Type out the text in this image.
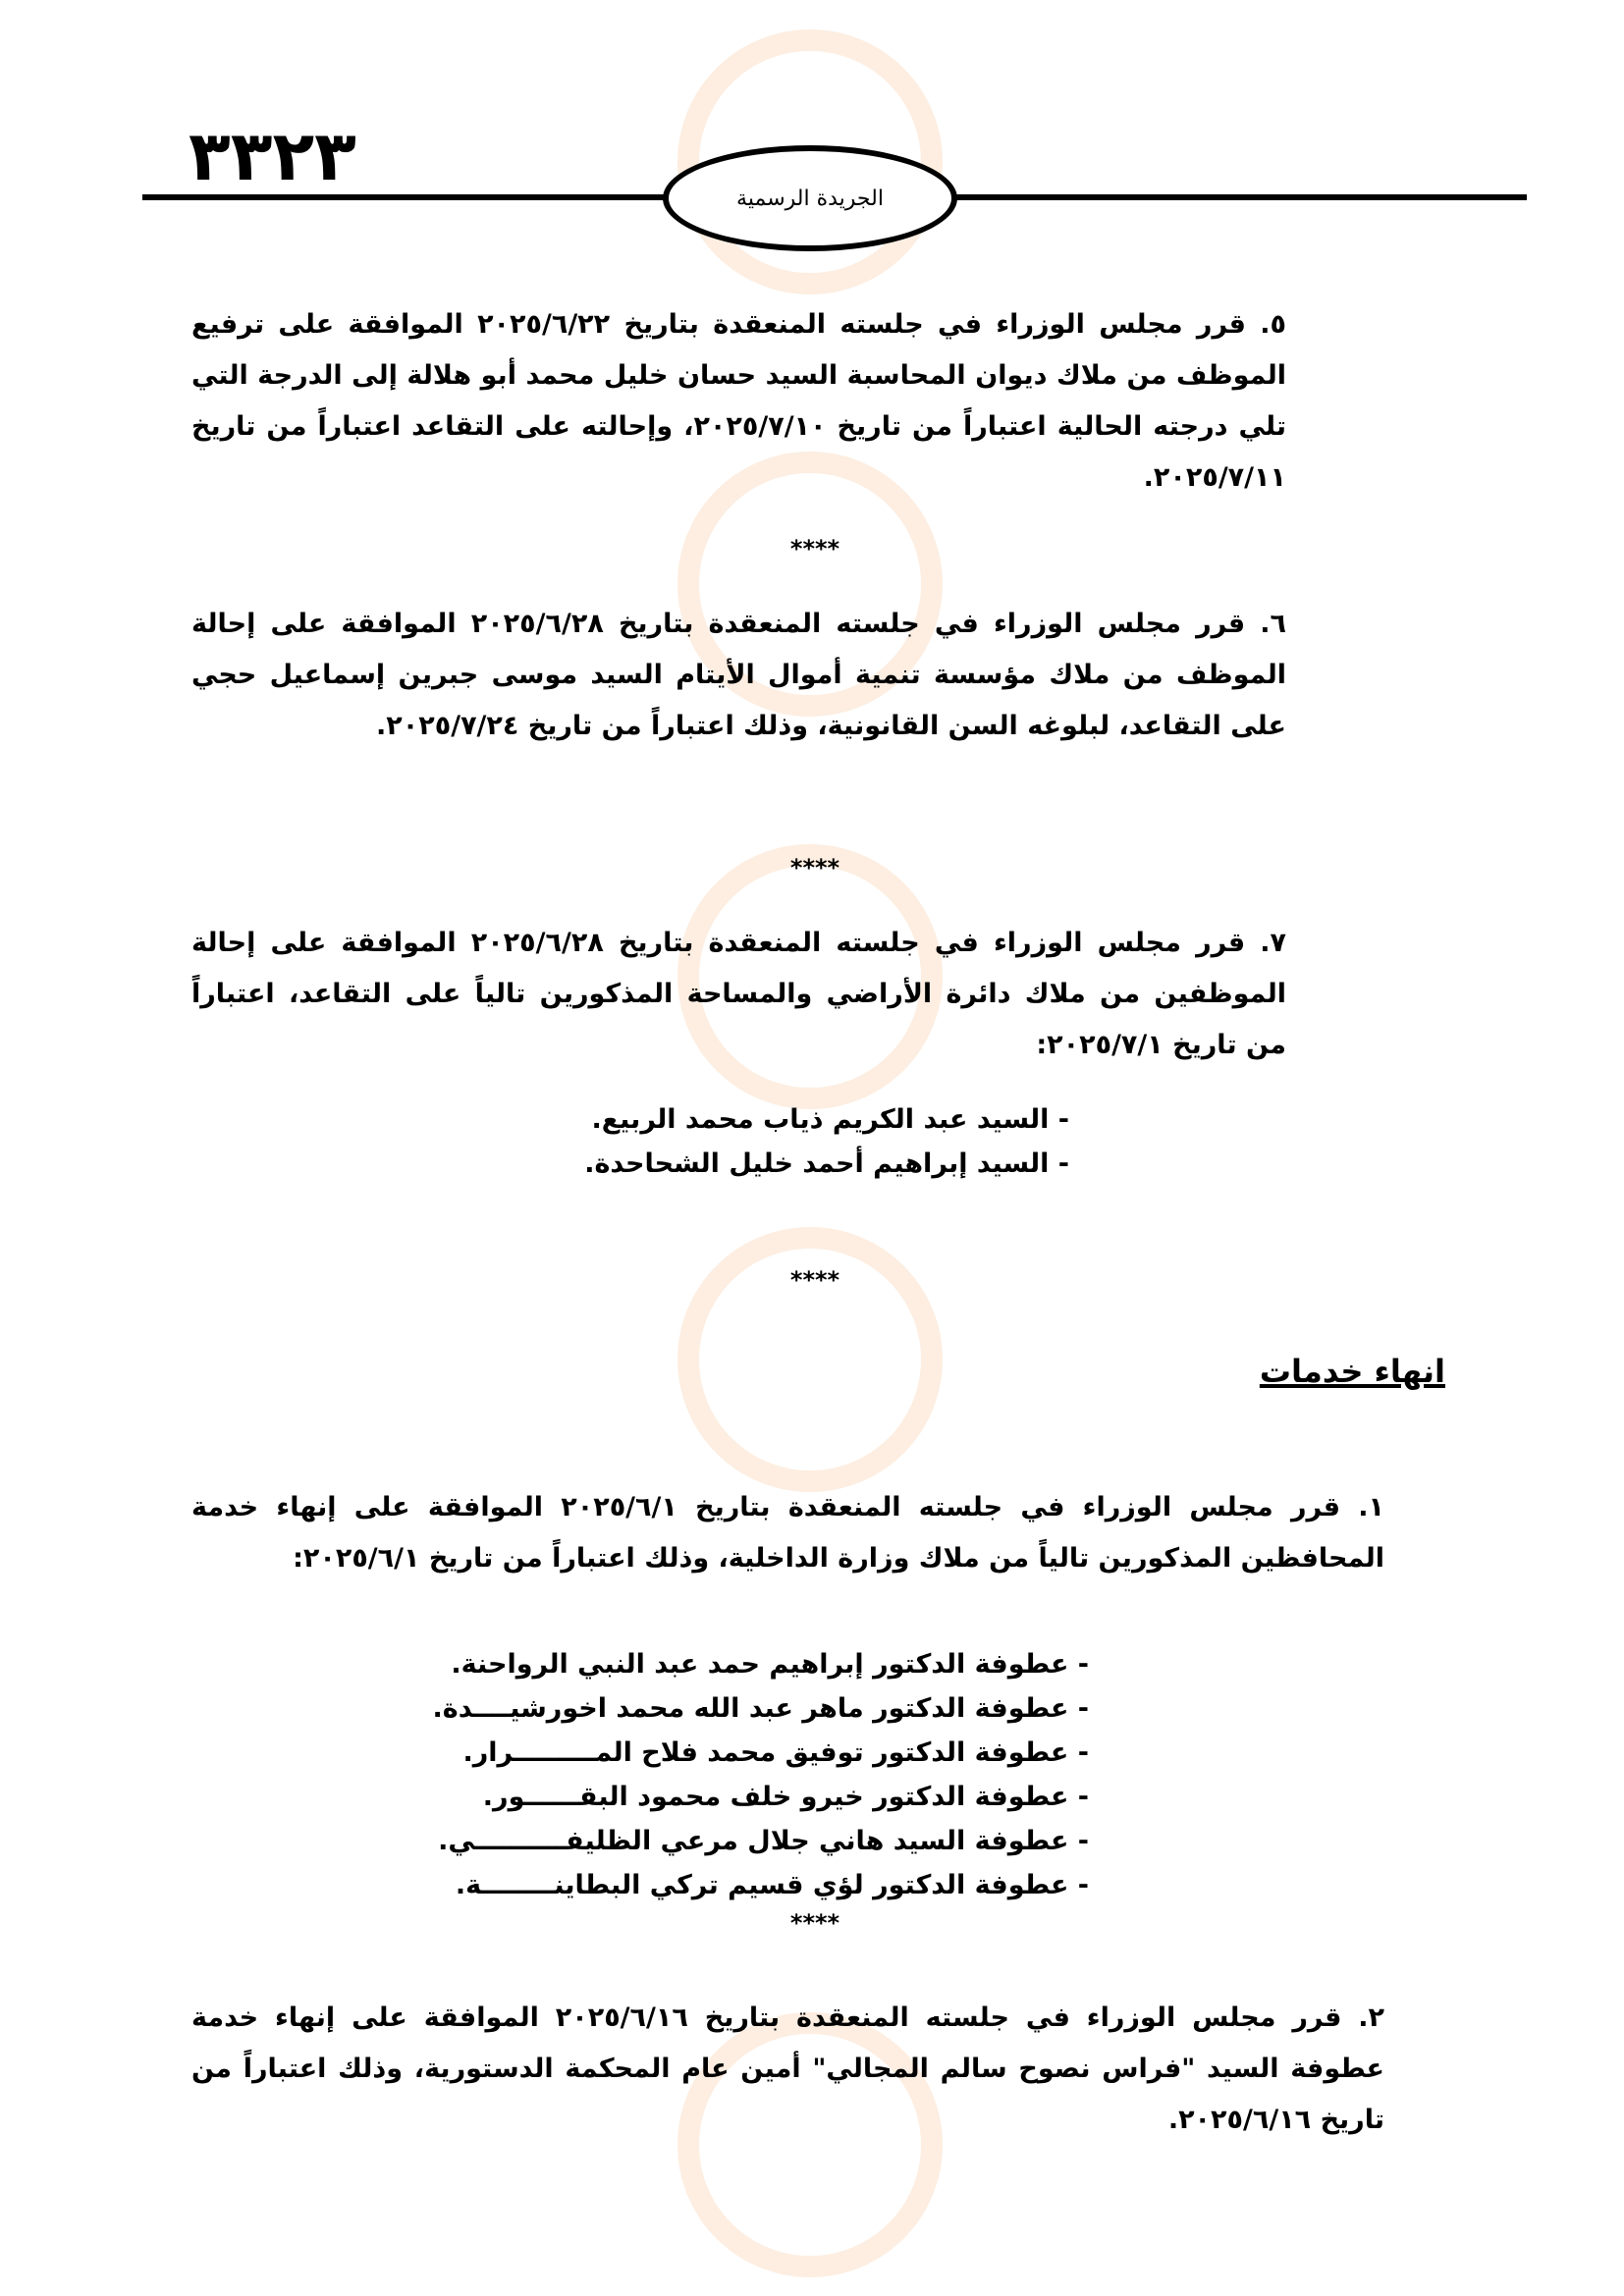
٣٣٢٣
الجريدة الرسمية
٥. قرر مجلس الوزراء في جلسته المنعقدة بتاريخ ٢٠٢٥/٦/٢٢ الموافقة على ترفيع الموظف من ملاك ديوان المحاسبة السيد حسان خليل محمد أبو هلالة إلى الدرجة التي تلي درجته الحالية اعتباراً من تاريخ ٢٠٢٥/٧/١٠، وإحالته على التقاعد اعتباراً من تاريخ ٢٠٢٥/٧/١١.
****
٦. قرر مجلس الوزراء في جلسته المنعقدة بتاريخ ٢٠٢٥/٦/٢٨ الموافقة على إحالة الموظف من ملاك مؤسسة تنمية أموال الأيتام السيد موسى جبرين إسماعيل حجي على التقاعد، لبلوغه السن القانونية، وذلك اعتباراً من تاريخ ٢٠٢٥/٧/٢٤.
****
٧. قرر مجلس الوزراء في جلسته المنعقدة بتاريخ ٢٠٢٥/٦/٢٨ الموافقة على إحالة الموظفين من ملاك دائرة الأراضي والمساحة المذكورين تالياً على التقاعد، اعتباراً من تاريخ ٢٠٢٥/٧/١:
- السيد عبد الكريم ذياب محمد الربيع.
- السيد إبراهيم أحمد خليل الشحاحدة.
****
انهاء خدمات
١. قرر مجلس الوزراء في جلسته المنعقدة بتاريخ ٢٠٢٥/٦/١ الموافقة على إنهاء خدمة المحافظين المذكورين تالياً من ملاك وزارة الداخلية، وذلك اعتباراً من تاريخ ٢٠٢٥/٦/١:
- عطوفة الدكتور إبراهيم حمد عبد النبي الرواحنة.
- عطوفة الدكتور ماهر عبد الله محمد اخورشيــــدة.
- عطوفة الدكتور توفيق محمد فلاح المـــــــــرار.
- عطوفة الدكتور خيرو خلف محمود البقــــــور.
- عطوفة السيد هاني جلال مرعي الظليفــــــــــي.
- عطوفة الدكتور لؤي قسيم تركي البطاينــــــــة.
****
٢. قرر مجلس الوزراء في جلسته المنعقدة بتاريخ ٢٠٢٥/٦/١٦ الموافقة على إنهاء خدمة عطوفة السيد "فراس نصوح سالم المجالي" أمين عام المحكمة الدستورية، وذلك اعتباراً من تاريخ ٢٠٢٥/٦/١٦.
